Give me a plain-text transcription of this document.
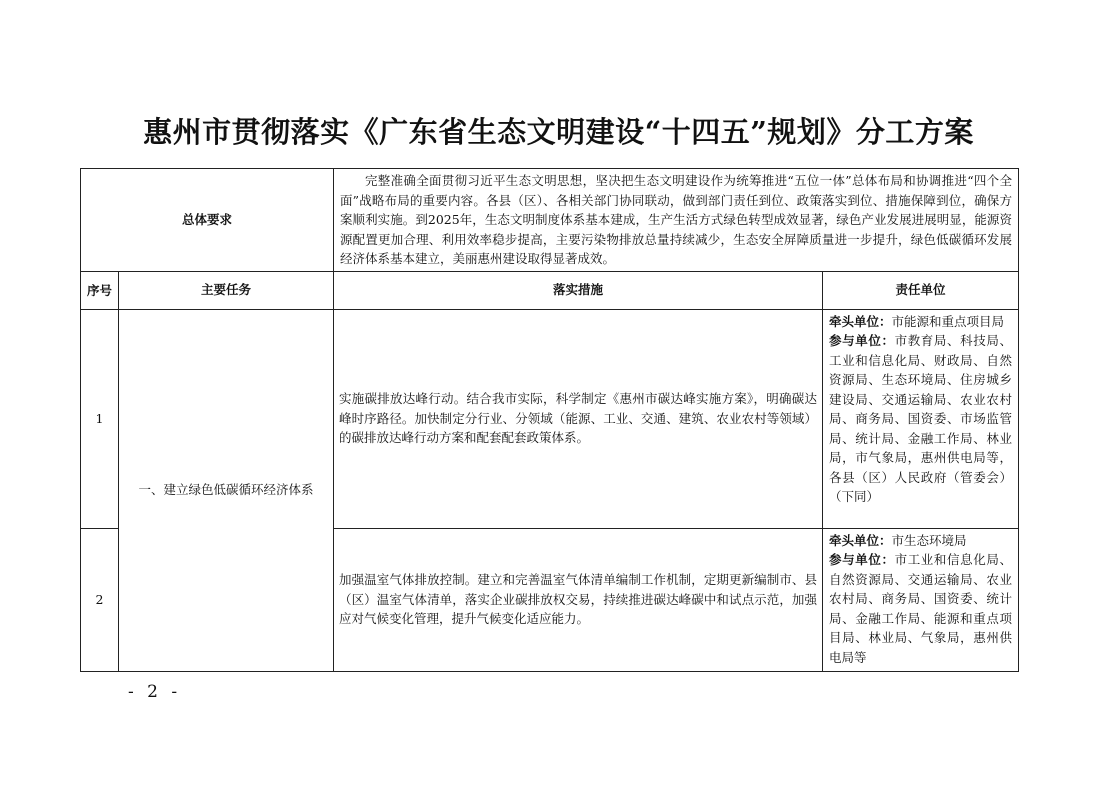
惠州市贯彻落实《广东省生态文明建设“十四五”规划》分工方案
总体要求		完整准确全面贯彻习近平生态文明思想，坚决把生态文明建设作为统筹推进“五位一体”总体布局和协调推进“四个全面”战略布局的重要内容。各县（区）、各相关部门协同联动，做到部门责任到位、政策落实到位、措施保障到位，确保方案顺利实施。到2025年，生态文明制度体系基本建成，生产生活方式绿色转型成效显著，绿色产业发展进展明显，能源资源配置更加合理、利用效率稳步提高，主要污染物排放总量持续减少，生态安全屏障质量进一步提升，绿色低碳循环发展经济体系基本建立，美丽惠州建设取得显著成效。	
序号	主要任务	落实措施	责任单位
1	一、建立绿色低碳循环经济体系	实施碳排放达峰行动。结合我市实际，科学制定《惠州市碳达峰实施方案》，明确碳达峰时序路径。加快制定分行业、分领域（能源、工业、交通、建筑、农业农村等领域）的碳排放达峰行动方案和配套配套政策体系。	牵头单位：市能源和重点项目局
参与单位：市教育局、科技局、工业和信息化局、财政局、自然资源局、生态环境局、住房城乡建设局、交通运输局、农业农村局、商务局、国资委、市场监管局、统计局、金融工作局、林业局，市气象局，惠州供电局等，各县（区）人民政府（管委会）（下同）
2		加强温室气体排放控制。建立和完善温室气体清单编制工作机制，定期更新编制市、县（区）温室气体清单，落实企业碳排放权交易，持续推进碳达峰碳中和试点示范，加强应对气候变化管理，提升气候变化适应能力。	牵头单位：市生态环境局
参与单位：市工业和信息化局、自然资源局、交通运输局、农业农村局、商务局、国资委、统计局、金融工作局、能源和重点项目局、林业局、气象局，惠州供电局等
- 2 -
